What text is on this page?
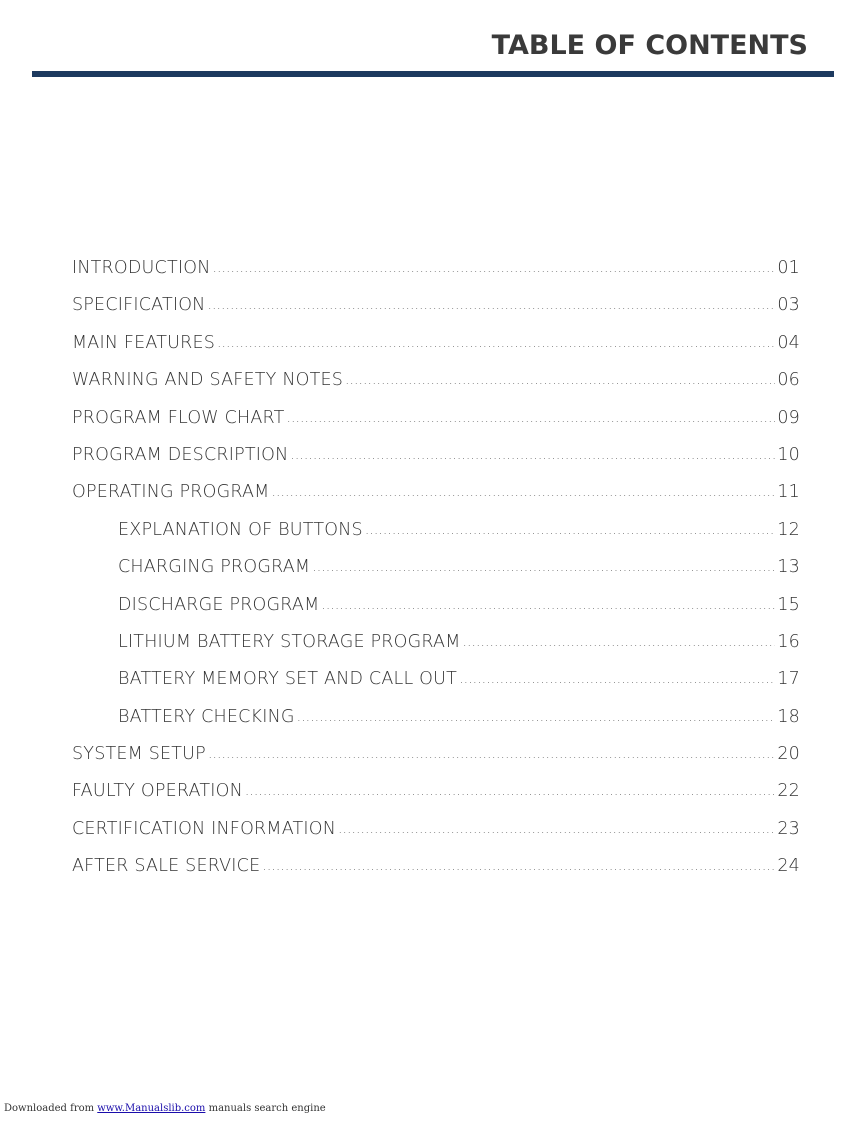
TABLE OF CONTENTS
INTRODUCTION . . .	01
SPECIFICATION . . .	03
MAIN FEATURES . . .	04
WARNING AND SAFETY NOTES . . .	06
PROGRAM FLOW CHART . . .	09
PROGRAM DESCRIPTION . . .	10
OPERATING PROGRAM . . .	11
EXPLANATION OF BUTTONS . . .	12
CHARGING PROGRAM . . .	13
DISCHARGE PROGRAM . . .	15
LITHIUM BATTERY STORAGE PROGRAM . . .	16
BATTERY MEMORY SET AND CALL OUT . . .	17
BATTERY CHECKING . . .	18
SYSTEM SETUP . . .	20
FAULTY OPERATION . . .	22
CERTIFICATION INFORMATION . . .	23
AFTER SALE SERVICE . . .	24
Downloaded from www.Manualslib.com manuals search engine
